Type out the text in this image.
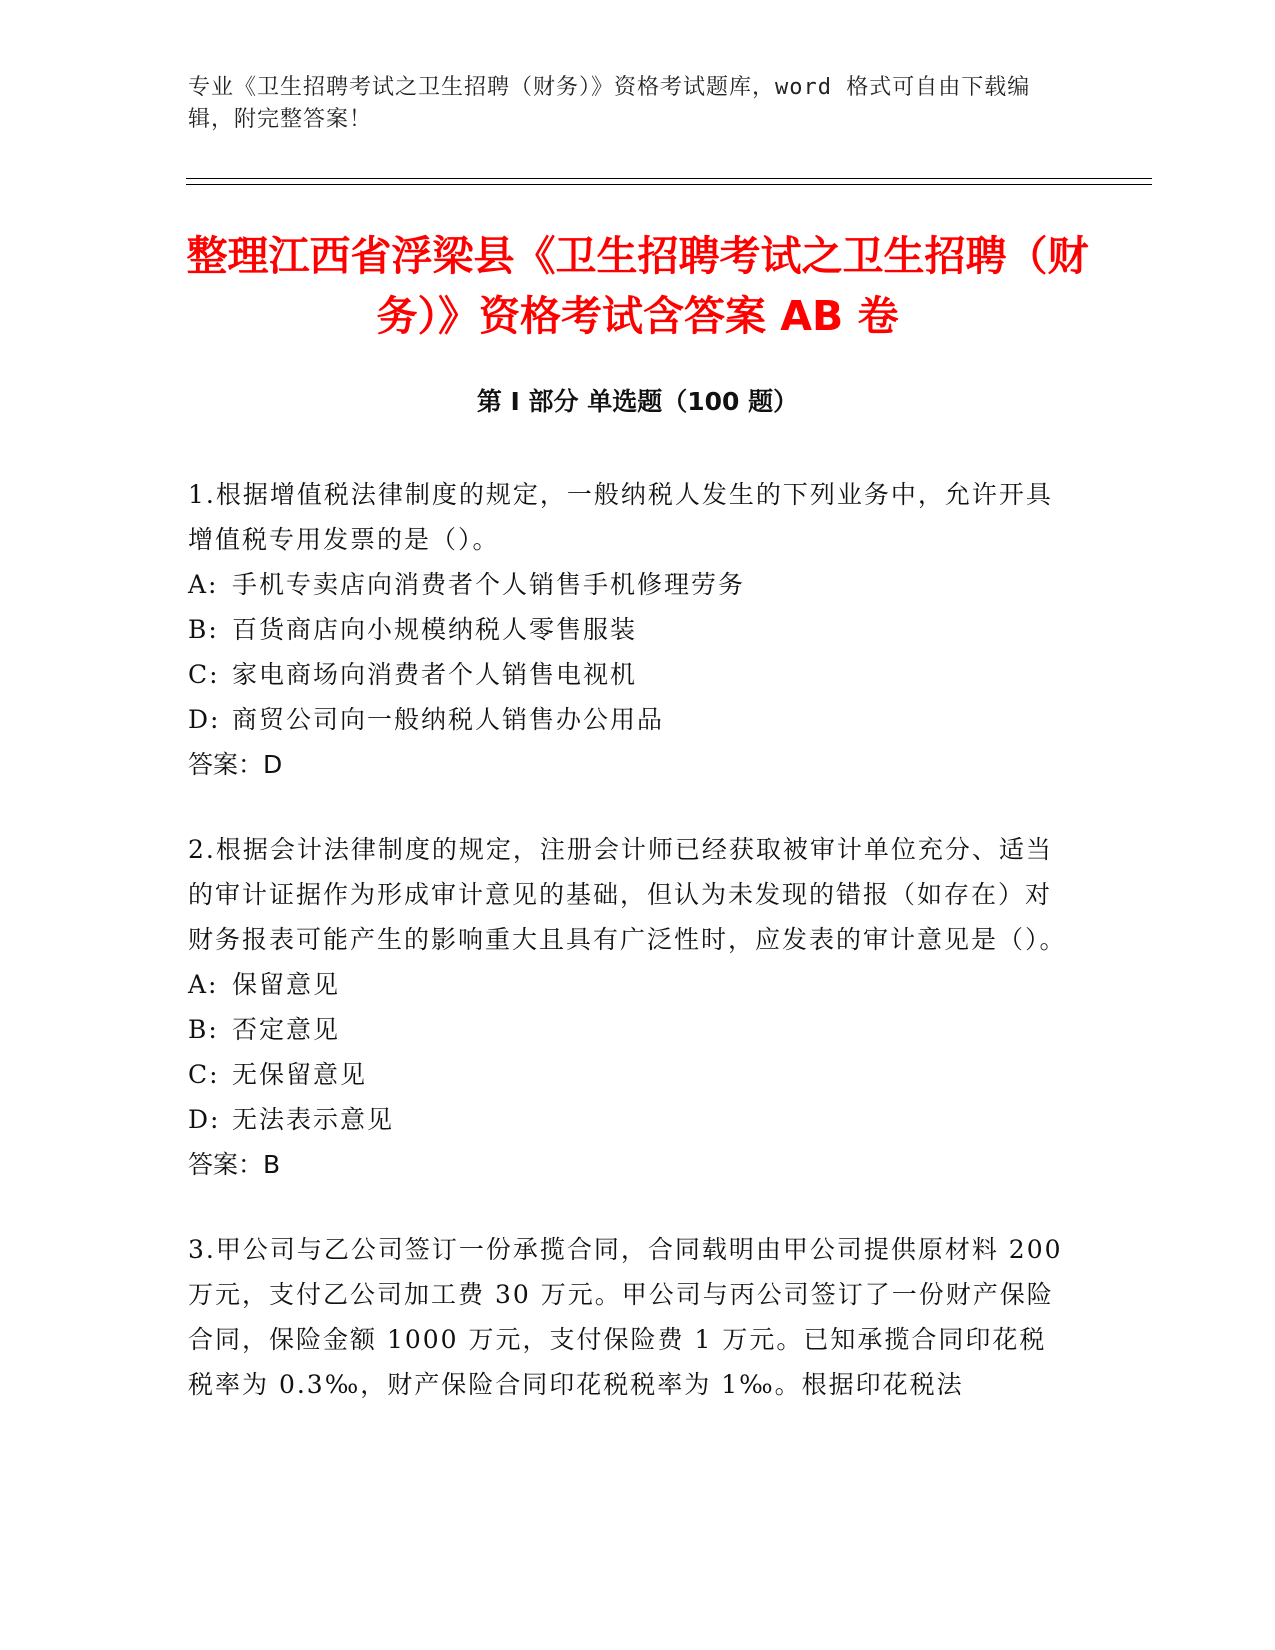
专业《卫生招聘考试之卫生招聘（财务）》资格考试题库，word 格式可自由下载编辑，附完整答案！
整理江西省浮梁县《卫生招聘考试之卫生招聘（财务）》资格考试含答案 AB 卷
第 I 部分 单选题（100 题）

1.根据增值税法律制度的规定，一般纳税人发生的下列业务中，允许开具增值税专用发票的是（）。

A: 手机专卖店向消费者个人销售手机修理劳务

B: 百货商店向小规模纳税人零售服装

C: 家电商场向消费者个人销售电视机

D: 商贸公司向一般纳税人销售办公用品

答案：D

2.根据会计法律制度的规定，注册会计师已经获取被审计单位充分、适当的审计证据作为形成审计意见的基础，但认为未发现的错报（如存在）对财务报表可能产生的影响重大且具有广泛性时，应发表的审计意见是（）。

A: 保留意见

B: 否定意见

C: 无保留意见

D: 无法表示意见

答案：B

3.甲公司与乙公司签订一份承揽合同，合同载明由甲公司提供原材料 200 万元，支付乙公司加工费 30 万元。甲公司与丙公司签订了一份财产保险合同，保险金额 1000 万元，支付保险费 1 万元。已知承揽合同印花税税率为 0.3‰，财产保险合同印花税税率为 1‰。根据印花税法
